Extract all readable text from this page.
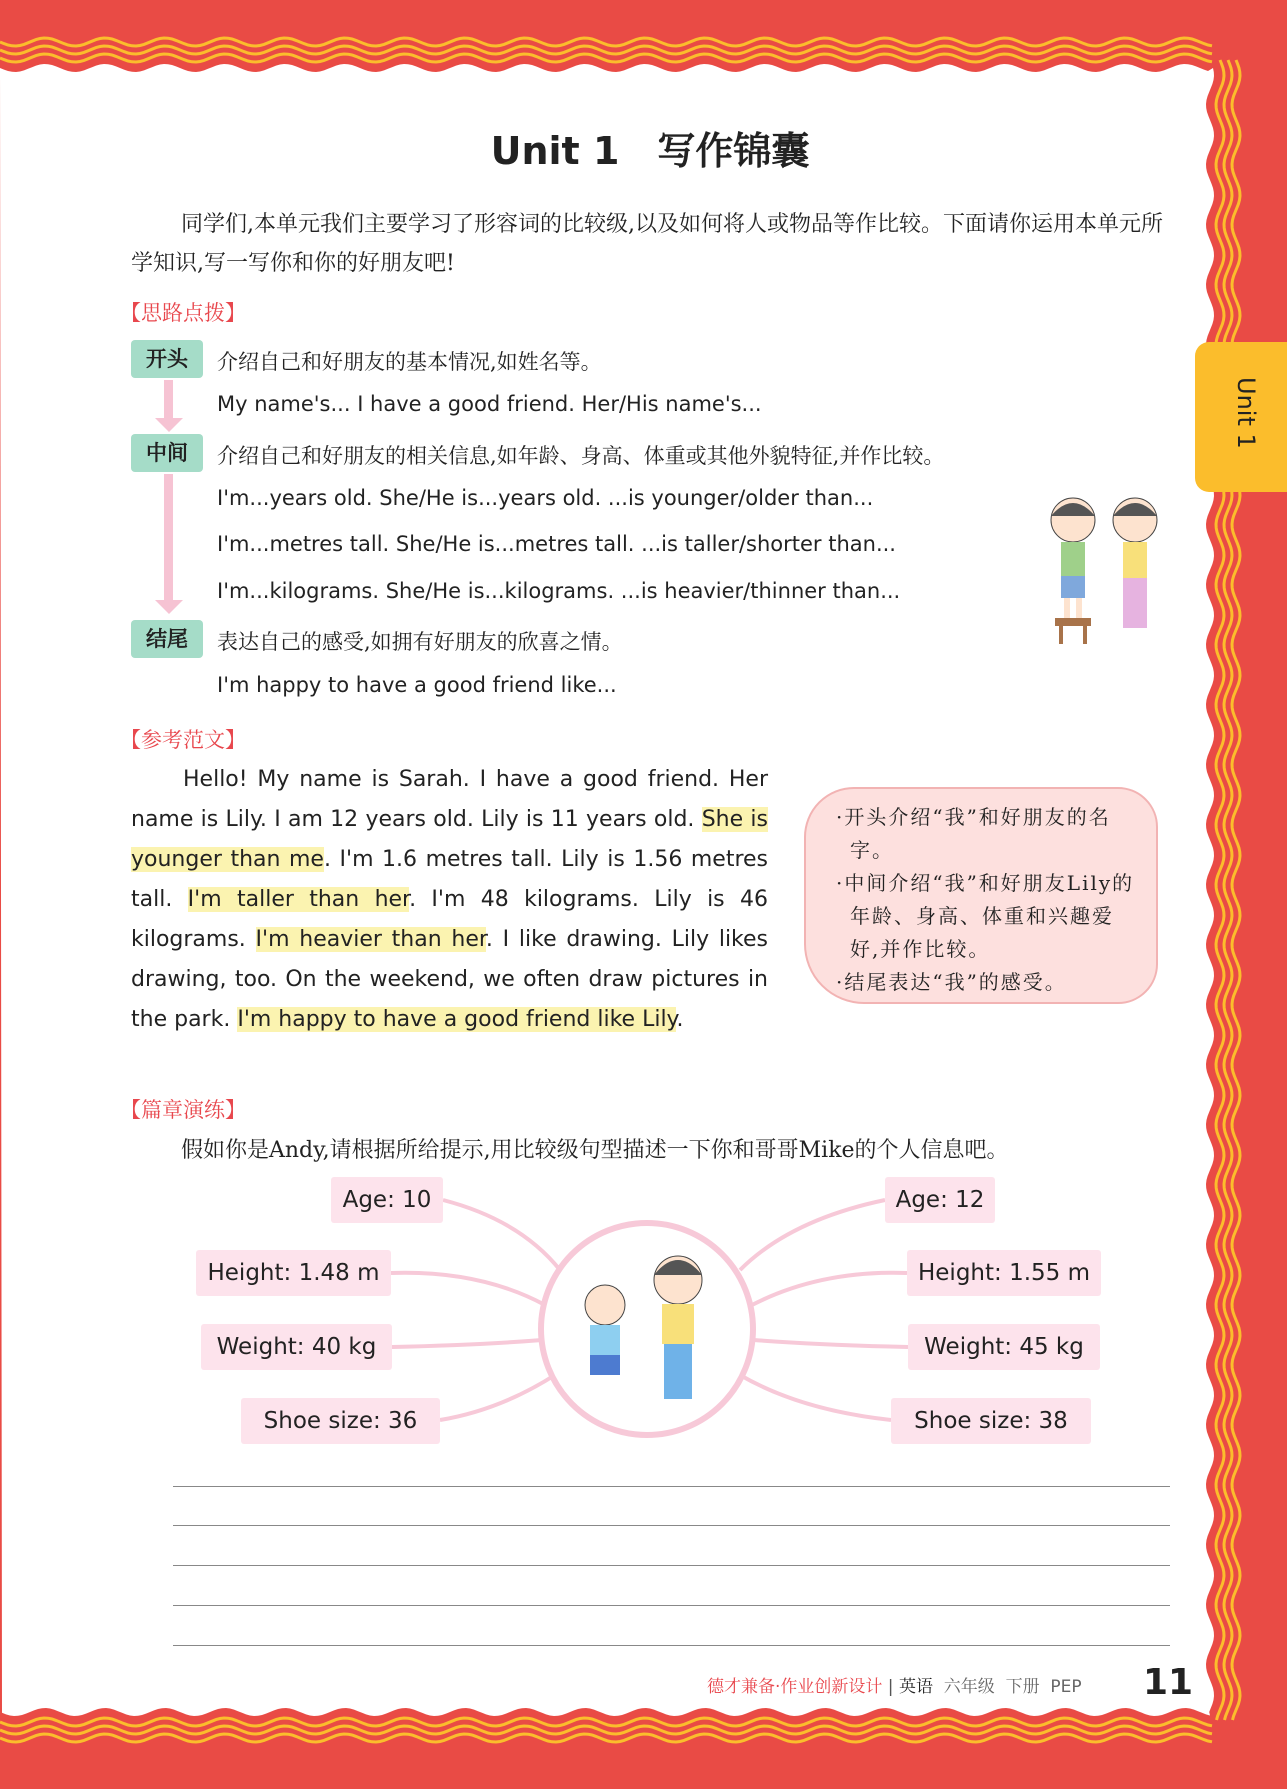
Unit 1
Unit 1　写作锦囊
同学们,本单元我们主要学习了形容词的比较级,以及如何将人或物品等作比较。下面请你运用本单元所学知识,写一写你和你的好朋友吧!
【思路点拨】
开头
中间
结尾
介绍自己和好朋友的基本情况,如姓名等。
My name's... I have a good friend. Her/His name's...
介绍自己和好朋友的相关信息,如年龄、身高、体重或其他外貌特征,并作比较。
I'm...years old. She/He is...years old. ...is younger/older than...
I'm...metres tall. She/He is...metres tall. ...is taller/shorter than...
I'm...kilograms. She/He is...kilograms. ...is heavier/thinner than...
表达自己的感受,如拥有好朋友的欣喜之情。
I'm happy to have a good friend like...
【参考范文】
Hello! My name is Sarah. I have a good friend. Her name is Lily. I am 12 years old. Lily is 11 years old. She is younger than me. I'm 1.6 metres tall. Lily is 1.56 metres tall. I'm taller than her. I'm 48 kilograms. Lily is 46 kilograms. I'm heavier than her. I like drawing. Lily likes drawing, too. On the weekend, we often draw pictures in the park. I'm happy to have a good friend like Lily.
·开头介绍“我”和好朋友的名字。
·中间介绍“我”和好朋友Lily的年龄、身高、体重和兴趣爱好,并作比较。
·结尾表达“我”的感受。
【篇章演练】
假如你是Andy,请根据所给提示,用比较级句型描述一下你和哥哥Mike的个人信息吧。
Age: 10
Height: 1.48 m
Weight: 40 kg
Shoe size: 36
Age: 12
Height: 1.55 m
Weight: 45 kg
Shoe size: 38
德才兼备·作业创新设计 | 英语 六年级 下册 PEP 11
